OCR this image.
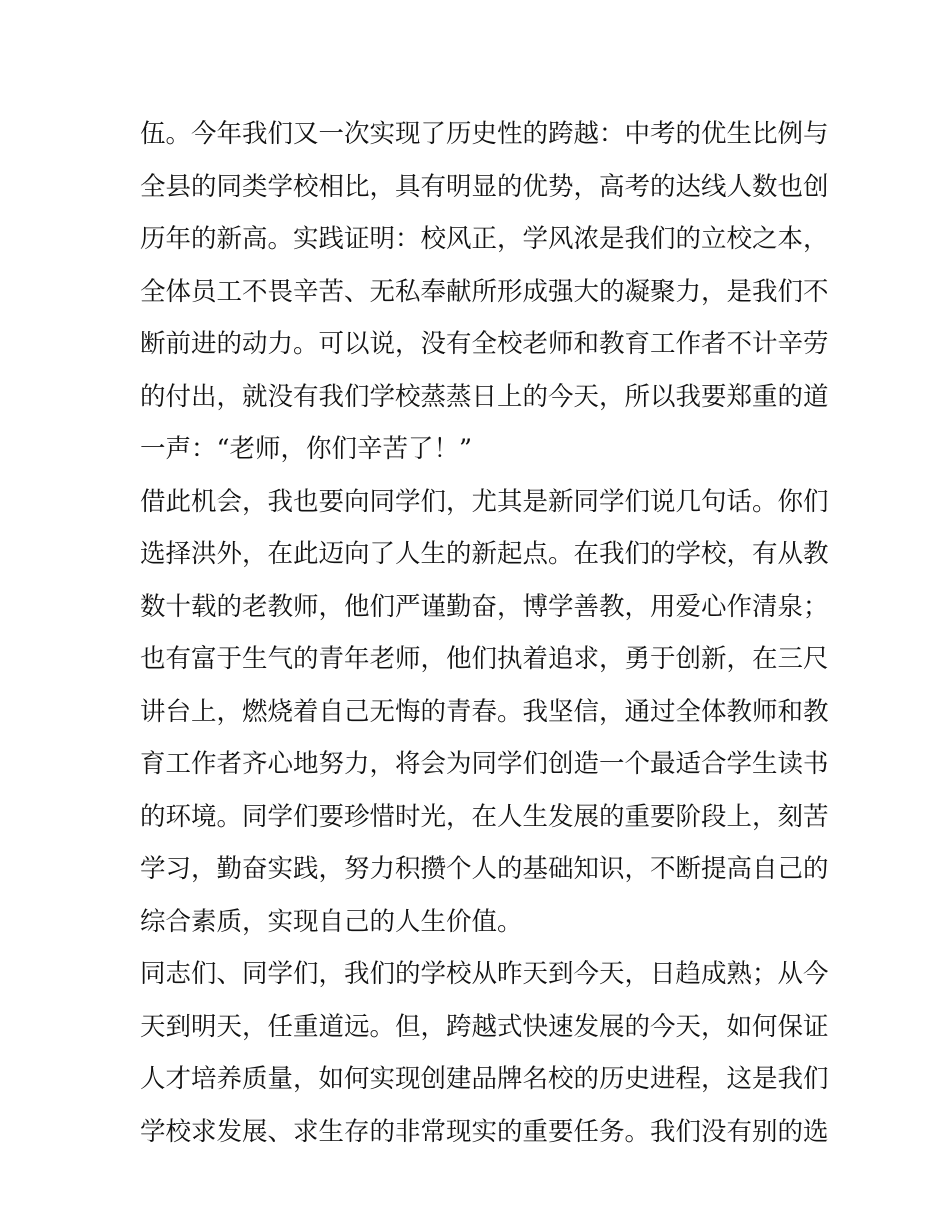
伍。今年我们又一次实现了历史性的跨越：中考的优生比例与
全县的同类学校相比，具有明显的优势，高考的达线人数也创
历年的新高。实践证明：校风正，学风浓是我们的立校之本，
全体员工不畏辛苦、无私奉献所形成强大的凝聚力，是我们不
断前进的动力。可以说，没有全校老师和教育工作者不计辛劳
的付出，就没有我们学校蒸蒸日上的今天，所以我要郑重的道
一声：“老师，你们辛苦了！”
借此机会，我也要向同学们，尤其是新同学们说几句话。你们
选择洪外，在此迈向了人生的新起点。在我们的学校，有从教
数十载的老教师，他们严谨勤奋，博学善教，用爱心作清泉；
也有富于生气的青年老师，他们执着追求，勇于创新，在三尺
讲台上，燃烧着自己无悔的青春。我坚信，通过全体教师和教
育工作者齐心地努力，将会为同学们创造一个最适合学生读书
的环境。同学们要珍惜时光，在人生发展的重要阶段上，刻苦
学习，勤奋实践，努力积攒个人的基础知识，不断提高自己的
综合素质，实现自己的人生价值。
同志们、同学们，我们的学校从昨天到今天，日趋成熟；从今
天到明天，任重道远。但，跨越式快速发展的今天，如何保证
人才培养质量，如何实现创建品牌名校的历史进程，这是我们
学校求发展、求生存的非常现实的重要任务。我们没有别的选
